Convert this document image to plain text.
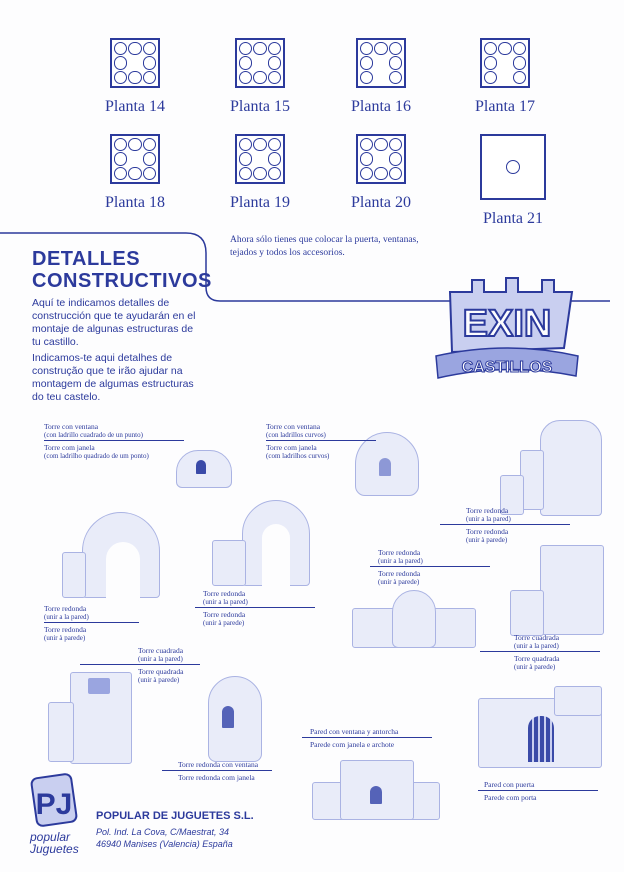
Planta 14	Planta 15	Planta 16	Planta 17
Planta 18	Planta 19	Planta 20
Planta 21
DETALLES
CONSTRUCTIVOS
Aquí te indicamos detalles de construcción que te ayudarán en el montaje de algunas estructuras de tu castillo.
Indicamos-te aqui detalhes de construção que te irão ajudar na montagem de algumas estructuras do teu castelo.
Ahora sólo tienes que colocar la puerta, ventanas, tejados y todos los accesorios.
EXIN
CASTILLOS
Torre con ventana
(con ladrillo cuadrado de un punto)
Torre com janela
(com ladrilho quadrado de um ponto)
Torre con ventana
(con ladrillos curvos)
Torre com janela
(com ladrilhos curvos)
Torre redonda
(unir a la pared)
Torre redonda
(unir à parede)
Torre redonda
(unir a la pared)
Torre redonda
(unir à parede)
Torre redonda
(unir a la pared)
Torre redonda
(unir à parede)
Torre redonda
(unir a la pared)
Torre redonda
(unir à parede)
Torre cuadrada
(unir a la pared)
Torre quadrada
(unir à parede)
Torre cuadrada
(unir a la pared)
Torre quadrada
(unir à parede)
Torre redonda con ventana
Torre redonda com janela
Pared con ventana y antorcha
Parede com janela e archote
Pared con puerta
Parede com porta
PJ
popular
Juguetes
POPULAR DE JUGUETES S.L.
Pol. Ind. La Cova, C/Maestrat, 34
46940 Manises (Valencia) España
